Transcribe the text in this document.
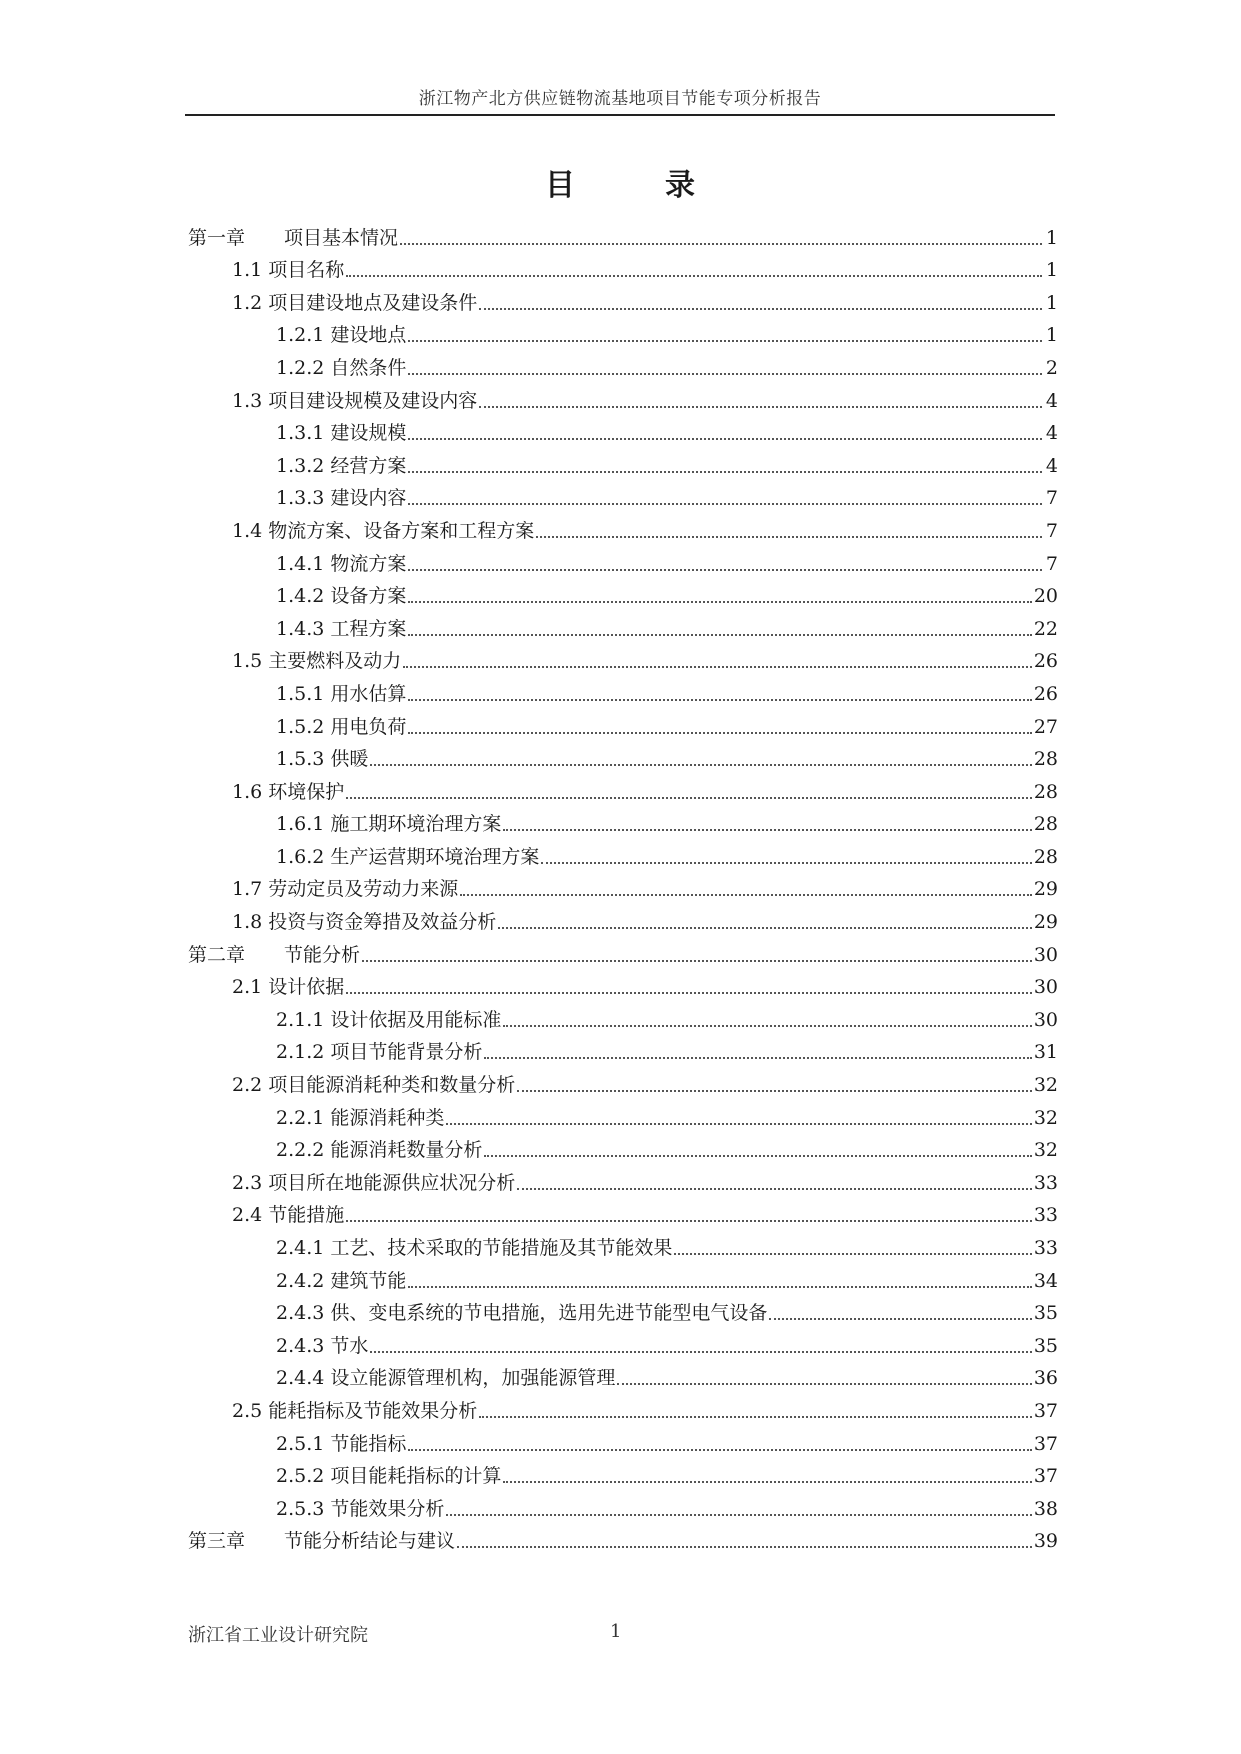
浙江物产北方供应链物流基地项目节能专项分析报告
目录
第一章 项目基本情况	1
1.1 项目名称	1
1.2 项目建设地点及建设条件	1
1.2.1 建设地点	1
1.2.2 自然条件	2
1.3 项目建设规模及建设内容	4
1.3.1 建设规模	4
1.3.2 经营方案	4
1.3.3 建设内容	7
1.4 物流方案、设备方案和工程方案	7
1.4.1 物流方案	7
1.4.2 设备方案	20
1.4.3 工程方案	22
1.5 主要燃料及动力	26
1.5.1 用水估算	26
1.5.2 用电负荷	27
1.5.3 供暖	28
1.6 环境保护	28
1.6.1 施工期环境治理方案	28
1.6.2 生产运营期环境治理方案	28
1.7 劳动定员及劳动力来源	29
1.8 投资与资金筹措及效益分析	29
第二章 节能分析	30
2.1 设计依据	30
2.1.1 设计依据及用能标准	30
2.1.2 项目节能背景分析	31
2.2 项目能源消耗种类和数量分析	32
2.2.1 能源消耗种类	32
2.2.2 能源消耗数量分析	32
2.3 项目所在地能源供应状况分析	33
2.4 节能措施	33
2.4.1 工艺、技术采取的节能措施及其节能效果	33
2.4.2 建筑节能	34
2.4.3 供、变电系统的节电措施，选用先进节能型电气设备	35
2.4.3 节水	35
2.4.4 设立能源管理机构，加强能源管理	36
2.5 能耗指标及节能效果分析	37
2.5.1 节能指标	37
2.5.2 项目能耗指标的计算	37
2.5.3 节能效果分析	38
第三章 节能分析结论与建议	39
浙江省工业设计研究院	1
